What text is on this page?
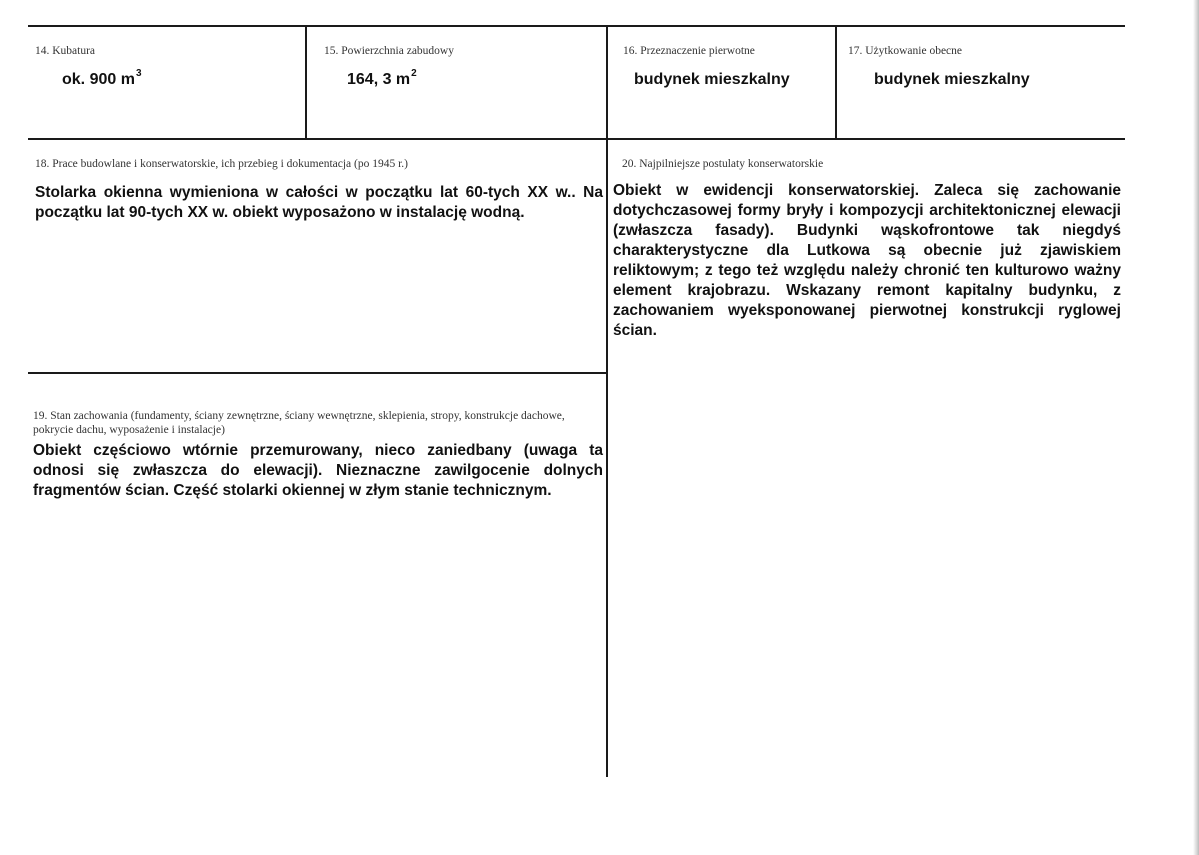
14. Kubatura
ok. 900 $m^3$
15. Powierzchnia zabudowy
164, 3 $m^2$
16. Przeznaczenie pierwotne
budynek mieszkalny
17. Użytkowanie obecne
budynek mieszkalny
18. Prace budowlane i konserwatorskie, ich przebieg i dokumentacja (po 1945 r.)
Stolarka okienna wymieniona w całości w początku lat 60-tych XX w.. Na początku lat 90-tych XX w. obiekt wyposażono w instalację wodną.
20. Najpilniejsze postulaty konserwatorskie
Obiekt w ewidencji konserwatorskiej. Zaleca się zachowanie dotychczasowej formy bryły i kompozycji architektonicznej elewacji (zwłaszcza fasady). Budynki wąskofrontowe tak niegdyś charakterystyczne dla Lutkowa są obecnie już zjawiskiem reliktowym; z tego też względu należy chronić ten kulturowo ważny element krajobrazu. Wskazany remont kapitalny budynku, z zachowaniem wyeksponowanej pierwotnej konstrukcji ryglowej ścian.
19. Stan zachowania (fundamenty, ściany zewnętrzne, ściany wewnętrzne, sklepienia, stropy, konstrukcje dachowe, pokrycie dachu, wyposażenie i instalacje)
Obiekt częściowo wtórnie przemurowany, nieco zaniedbany (uwaga ta odnosi się zwłaszcza do elewacji). Nieznaczne zawilgocenie dolnych fragmentów ścian. Część stolarki okiennej w złym stanie technicznym.
